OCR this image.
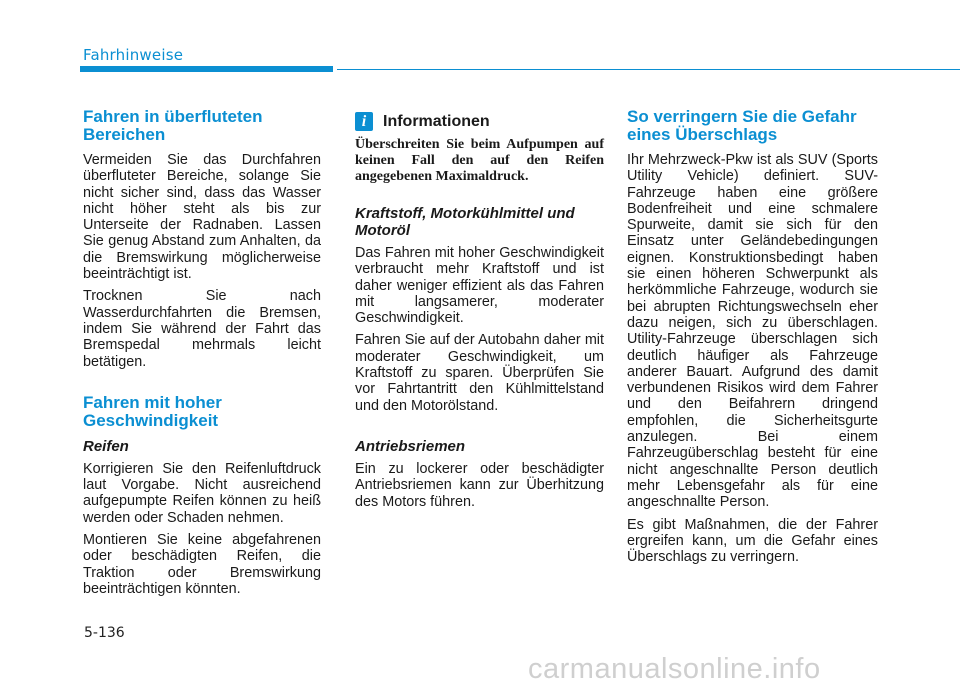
Fahrhinweise
Fahren in überfluteten Bereichen

Vermeiden Sie das Durchfahren überfluteter Bereiche, solange Sie nicht sicher sind, dass das Wasser nicht höher steht als bis zur Unterseite der Radnaben. Lassen Sie genug Abstand zum Anhalten, da die Bremswirkung möglicherweise beeinträchtigt ist.

Trocknen Sie nach Wasserdurchfahrten die Bremsen, indem Sie während der Fahrt das Bremspedal mehrmals leicht betätigen.

Fahren mit hoher Geschwindigkeit
Reifen

Korrigieren Sie den Reifenluftdruck laut Vorgabe. Nicht ausreichend aufgepumpte Reifen können zu heiß werden oder Schaden nehmen.

Montieren Sie keine abgefahrenen oder beschädigten Reifen, die Traktion oder Bremswirkung beeinträchtigen könnten.

i	Informationen

Überschreiten Sie beim Aufpumpen auf keinen Fall den auf den Reifen angegebenen Maximaldruck.

Kraftstoff, Motorkühlmittel und Motoröl

Das Fahren mit hoher Geschwindigkeit verbraucht mehr Kraftstoff und ist daher weniger effizient als das Fahren mit langsamerer, moderater Geschwindigkeit.

Fahren Sie auf der Autobahn daher mit moderater Geschwindigkeit, um Kraftstoff zu sparen. Überprüfen Sie vor Fahrtantritt den Kühlmittelstand und den Motorölstand.

Antriebsriemen

Ein zu lockerer oder beschädigter Antriebsriemen kann zur Überhitzung des Motors führen.

So verringern Sie die Gefahr eines Überschlags

Ihr Mehrzweck-Pkw ist als SUV (Sports Utility Vehicle) definiert. SUV-Fahrzeuge haben eine größere Bodenfreiheit und eine schmalere Spurweite, damit sie sich für den Einsatz unter Geländebedingungen eignen. Konstruktionsbedingt haben sie einen höheren Schwerpunkt als herkömmliche Fahrzeuge, wodurch sie bei abrupten Richtungswechseln eher dazu neigen, sich zu überschlagen. Utility-Fahrzeuge überschlagen sich deutlich häufiger als Fahrzeuge anderer Bauart. Aufgrund des damit verbundenen Risikos wird dem Fahrer und den Beifahrern dringend empfohlen, die Sicherheitsgurte anzulegen. Bei einem Fahrzeugüberschlag besteht für eine nicht angeschnallte Person deutlich mehr Lebensgefahr als für eine angeschnallte Person.

Es gibt Maßnahmen, die der Fahrer ergreifen kann, um die Gefahr eines Überschlags zu verringern.

5-136
carmanualsonline.info
